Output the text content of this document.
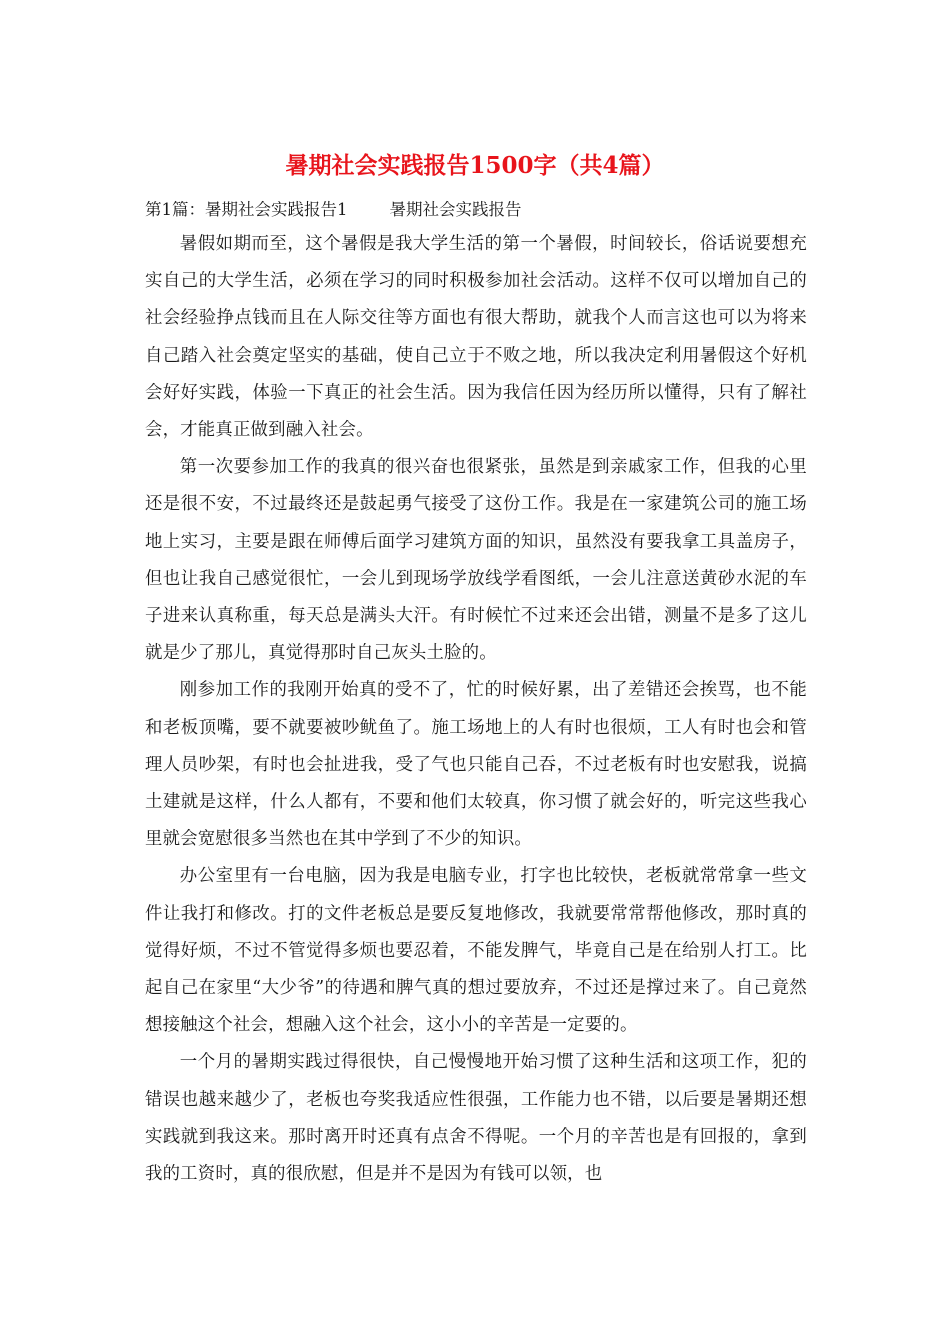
暑期社会实践报告1500字（共4篇）
第1篇：暑期社会实践报告1	暑期社会实践报告

暑假如期而至，这个暑假是我大学生活的第一个暑假，时间较长，俗话说要想充实自己的大学生活，必须在学习的同时积极参加社会活动。这样不仅可以增加自己的社会经验挣点钱而且在人际交往等方面也有很大帮助，就我个人而言这也可以为将来自己踏入社会奠定坚实的基础，使自己立于不败之地，所以我决定利用暑假这个好机会好好实践，体验一下真正的社会生活。因为我信任因为经历所以懂得，只有了解社会，才能真正做到融入社会。

第一次要参加工作的我真的很兴奋也很紧张，虽然是到亲戚家工作，但我的心里还是很不安，不过最终还是鼓起勇气接受了这份工作。我是在一家建筑公司的施工场地上实习，主要是跟在师傅后面学习建筑方面的知识，虽然没有要我拿工具盖房子，但也让我自己感觉很忙，一会儿到现场学放线学看图纸，一会儿注意送黄砂水泥的车子进来认真称重，每天总是满头大汗。有时候忙不过来还会出错，测量不是多了这儿就是少了那儿，真觉得那时自己灰头土脸的。

刚参加工作的我刚开始真的受不了，忙的时候好累，出了差错还会挨骂，也不能和老板顶嘴，要不就要被吵鱿鱼了。施工场地上的人有时也很烦，工人有时也会和管理人员吵架，有时也会扯进我，受了气也只能自己吞，不过老板有时也安慰我，说搞土建就是这样，什么人都有，不要和他们太较真，你习惯了就会好的，听完这些我心里就会宽慰很多当然也在其中学到了不少的知识。

办公室里有一台电脑，因为我是电脑专业，打字也比较快，老板就常常拿一些文件让我打和修改。打的文件老板总是要反复地修改，我就要常常帮他修改，那时真的觉得好烦，不过不管觉得多烦也要忍着，不能发脾气，毕竟自己是在给别人打工。比起自己在家里“大少爷”的待遇和脾气真的想过要放弃，不过还是撑过来了。自己竟然想接触这个社会，想融入这个社会，这小小的辛苦是一定要的。

一个月的暑期实践过得很快，自己慢慢地开始习惯了这种生活和这项工作，犯的错误也越来越少了，老板也夸奖我适应性很强，工作能力也不错，以后要是暑期还想实践就到我这来。那时离开时还真有点舍不得呢。一个月的辛苦也是有回报的，拿到我的工资时，真的很欣慰，但是并不是因为有钱可以领，也
